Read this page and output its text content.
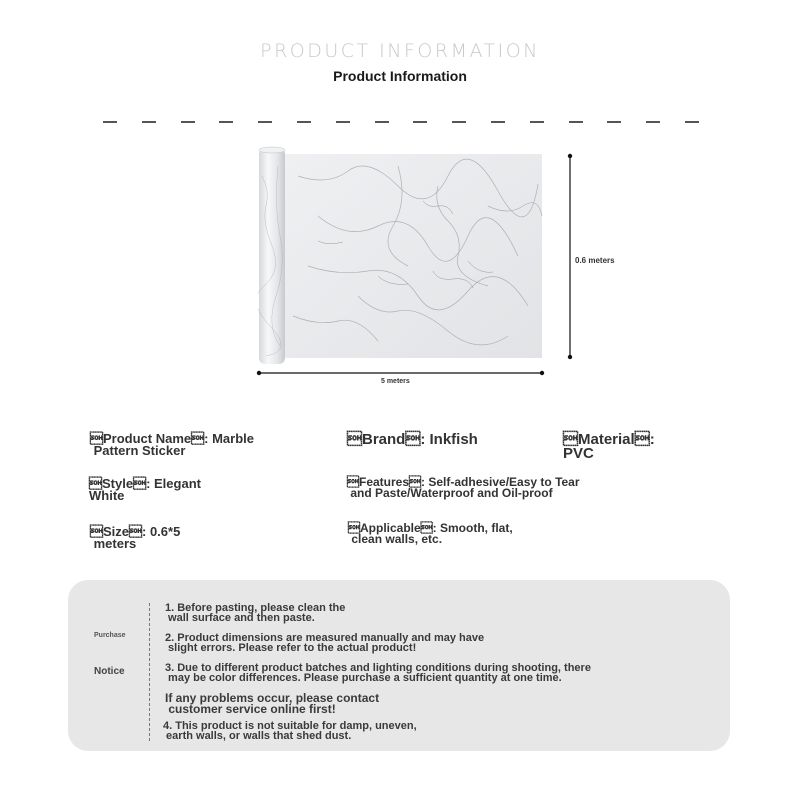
PRODUCT INFORMATION
Product Information
0.6 meters
5 meters
Product Name: Marble
Pattern Sticker
Brand: Inkfish	Material:
PVC
Style: Elegant
White
Features: Self-adhesive/Easy to Tear
and Paste/Waterproof and Oil-proof
Size: 0.6*5
meters
Applicable: Smooth, flat,
clean walls, etc.
Purchase
Notice
1. Before pasting, please clean the
wall surface and then paste.
2. Product dimensions are measured manually and may have
slight errors. Please refer to the actual product!
3. Due to different product batches and lighting conditions during shooting, there
may be color differences. Please purchase a sufficient quantity at one time.
If any problems occur, please contact
customer service online first!
4. This product is not suitable for damp, uneven,
earth walls, or walls that shed dust.
